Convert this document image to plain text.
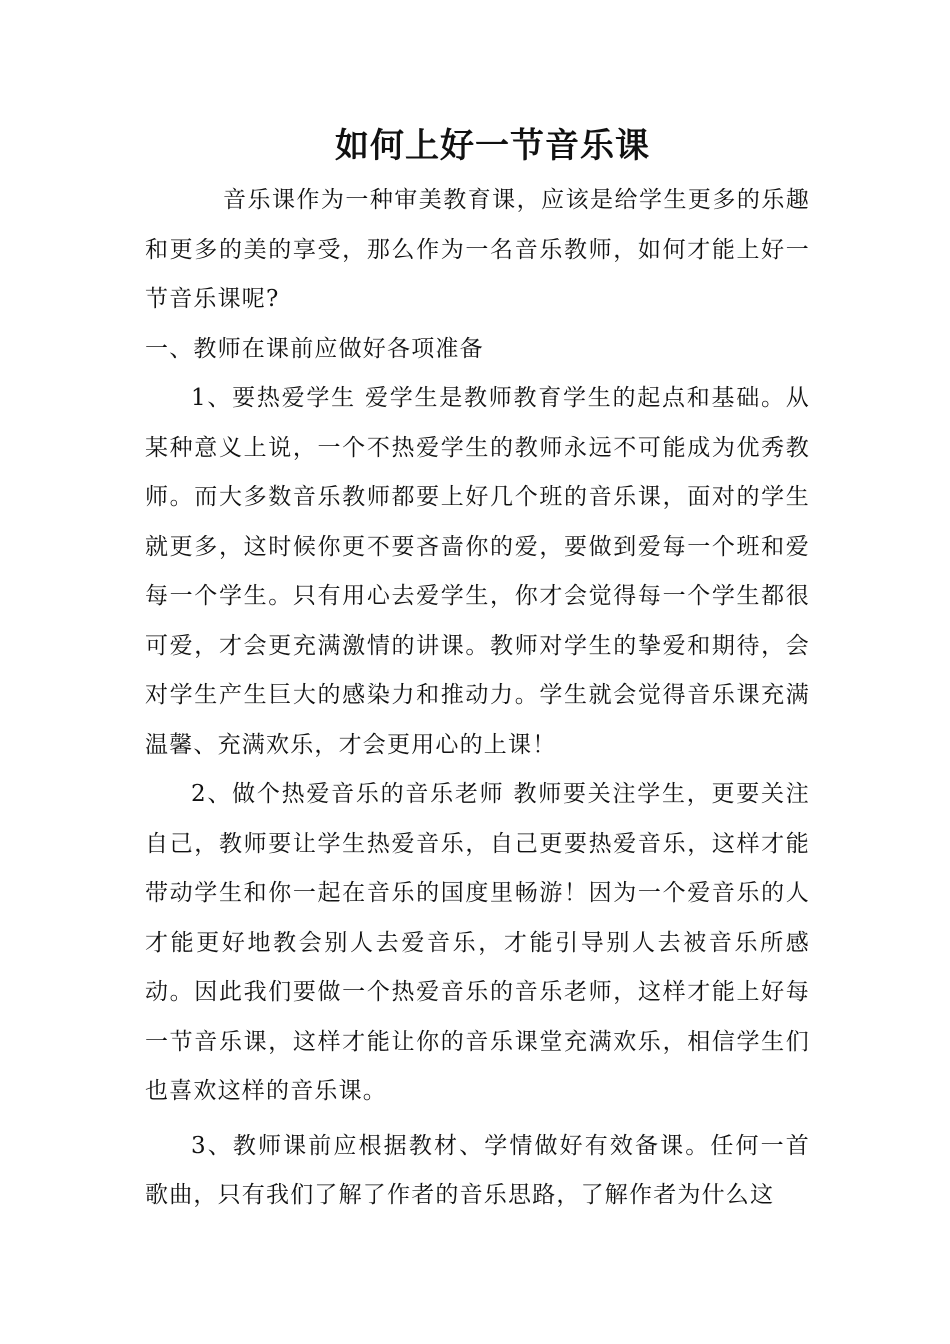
如何上好一节音乐课

音乐课作为一种审美教育课，应该是给学生更多的乐趣和更多的美的享受，那么作为一名音乐教师，如何才能上好一节音乐课呢?

一、教师在课前应做好各项准备

1、要热爱学生 爱学生是教师教育学生的起点和基础。从某种意义上说，一个不热爱学生的教师永远不可能成为优秀教师。而大多数音乐教师都要上好几个班的音乐课，面对的学生就更多，这时候你更不要吝啬你的爱，要做到爱每一个班和爱每一个学生。只有用心去爱学生，你才会觉得每一个学生都很可爱，才会更充满激情的讲课。教师对学生的挚爱和期待，会对学生产生巨大的感染力和推动力。学生就会觉得音乐课充满温馨、充满欢乐，才会更用心的上课！

2、做个热爱音乐的音乐老师 教师要关注学生，更要关注自己，教师要让学生热爱音乐，自己更要热爱音乐，这样才能带动学生和你一起在音乐的国度里畅游！因为一个爱音乐的人才能更好地教会别人去爱音乐，才能引导别人去被音乐所感动。因此我们要做一个热爱音乐的音乐老师，这样才能上好每一节音乐课，这样才能让你的音乐课堂充满欢乐，相信学生们也喜欢这样的音乐课。

3、教师课前应根据教材、学情做好有效备课。任何一首歌曲，只有我们了解了作者的音乐思路，了解作者为什么这
